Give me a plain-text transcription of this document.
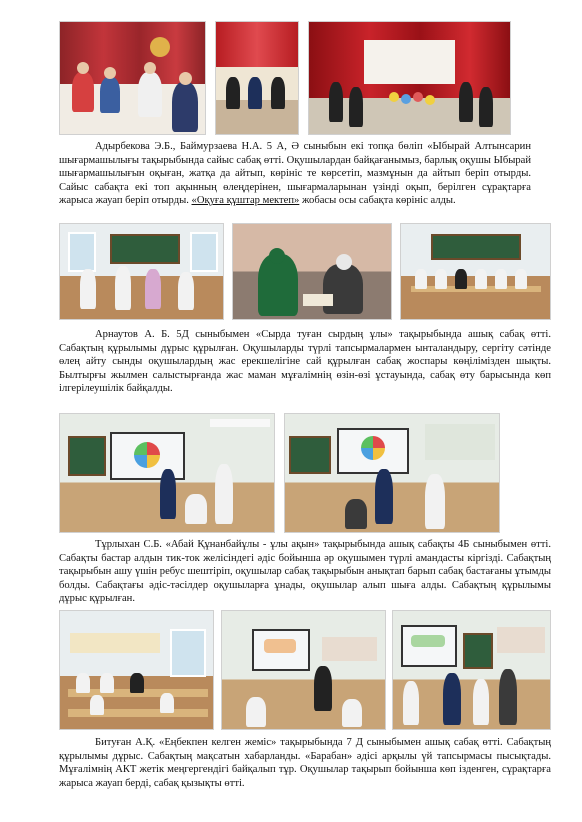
Адырбекова Э.Б., Баймурзаева Н.А. 5 А, Ә сыныбын екі топқа бөліп «Ыбырай Алтынсарин шығармашылығы тақырыбында сайыс сабақ өтті. Оқушылардан байқағанымыз, барлық оқушы Ыбырай шығармашылығын оқыған, жатқа да айтып, көрініс те көрсетіп, мазмұнын да айтып беріп отырды. Сайыс сабақта екі топ ақынның өлеңдерінен, шығармаларынан үзінді оқып, берілген сұрақтарға жарыса жауап беріп отырды. «Оқуға құштар мектеп» жобасы осы сабақта көрініс алды.
Арнаутов А. Б. 5Д сыныбымен «Сырда туған сырдың ұлы» тақырыбында ашық сабақ өтті. Сабақтың құрылымы дұрыс құрылған. Оқушыларды түрлі тапсырмалармен ынталандыру, сергіту сәтінде өлең айту сынды оқушылардың жас ерекшелігіне сай құрылған сабақ жоспары көңілімізден шықты. Былтырғы жылмен салыстырғанда жас маман мұғалімнің өзін-өзі ұстауында, сабақ өту барысында көп ілгерілеушілік байқалды.
Тұрлыхан С.Б. «Абай Құнанбайұлы - ұлы ақын» тақырыбында ашық сабақты 4Б сыныбымен өтті. Сабақты бастар алдын тик-ток желісіндегі әдіс бойынша әр оқушымен түрлі амандасты кіргізді. Сабақтың тақырыбын ашу үшін ребус шештіріп, оқушылар сабақ тақырыбын анықтап барып сабақ бастағаны ұтымды болды. Сабақтағы әдіс-тәсілдер оқушыларға ұнады, оқушылар алып шыға алды. Сабақтың құрылымы дұрыс құрылған.
Битуған А.Қ. «Еңбекпен келген жеміс» тақырыбында 7 Д сыныбымен ашық сабақ өтті. Сабақтың құрылымы дұрыс. Сабақтың мақсатын хабарланды. «Барабан» әдісі арқылы үй тапсырмасы пысықтады. Мұғалімнің АКТ жетік меңгергендігі байқалып тұр. Оқушылар тақырып бойынша көп ізденген, сұрақтарға жарыса жауап берді, сабақ қызықты өтті.
